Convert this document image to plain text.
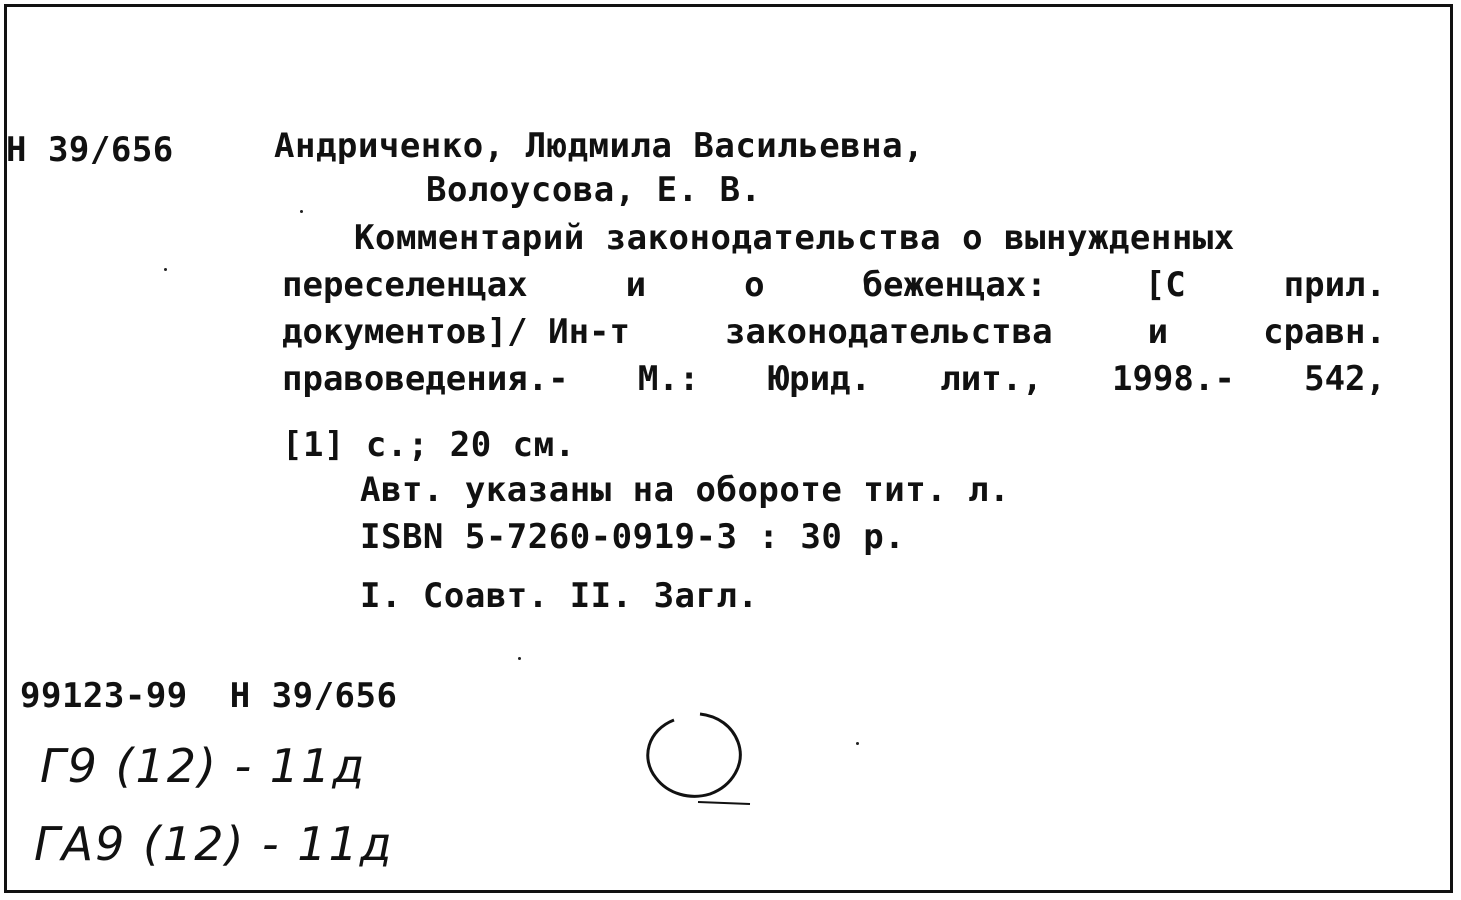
Н 39/656	Андриченко, Людмила Васильевна,
Волоусова, Е. В.
Комментарий законодательства о вынужденных
переселенцах	и	о	беженцах:	[С	прил.
документов]/ Ин-т	законодательства	и	сравн.
правоведения.- М.: Юрид. лит., 1998.- 542,
[1] с.; 20 см.
Авт. указаны на обороте тит. л.
ISBN 5-7260-0919-3 : 30 р.
I. Соавт. II. Загл.
99123-99  Н 39/656
Г9 (12) - 11д
ГА9 (12) - 11д
